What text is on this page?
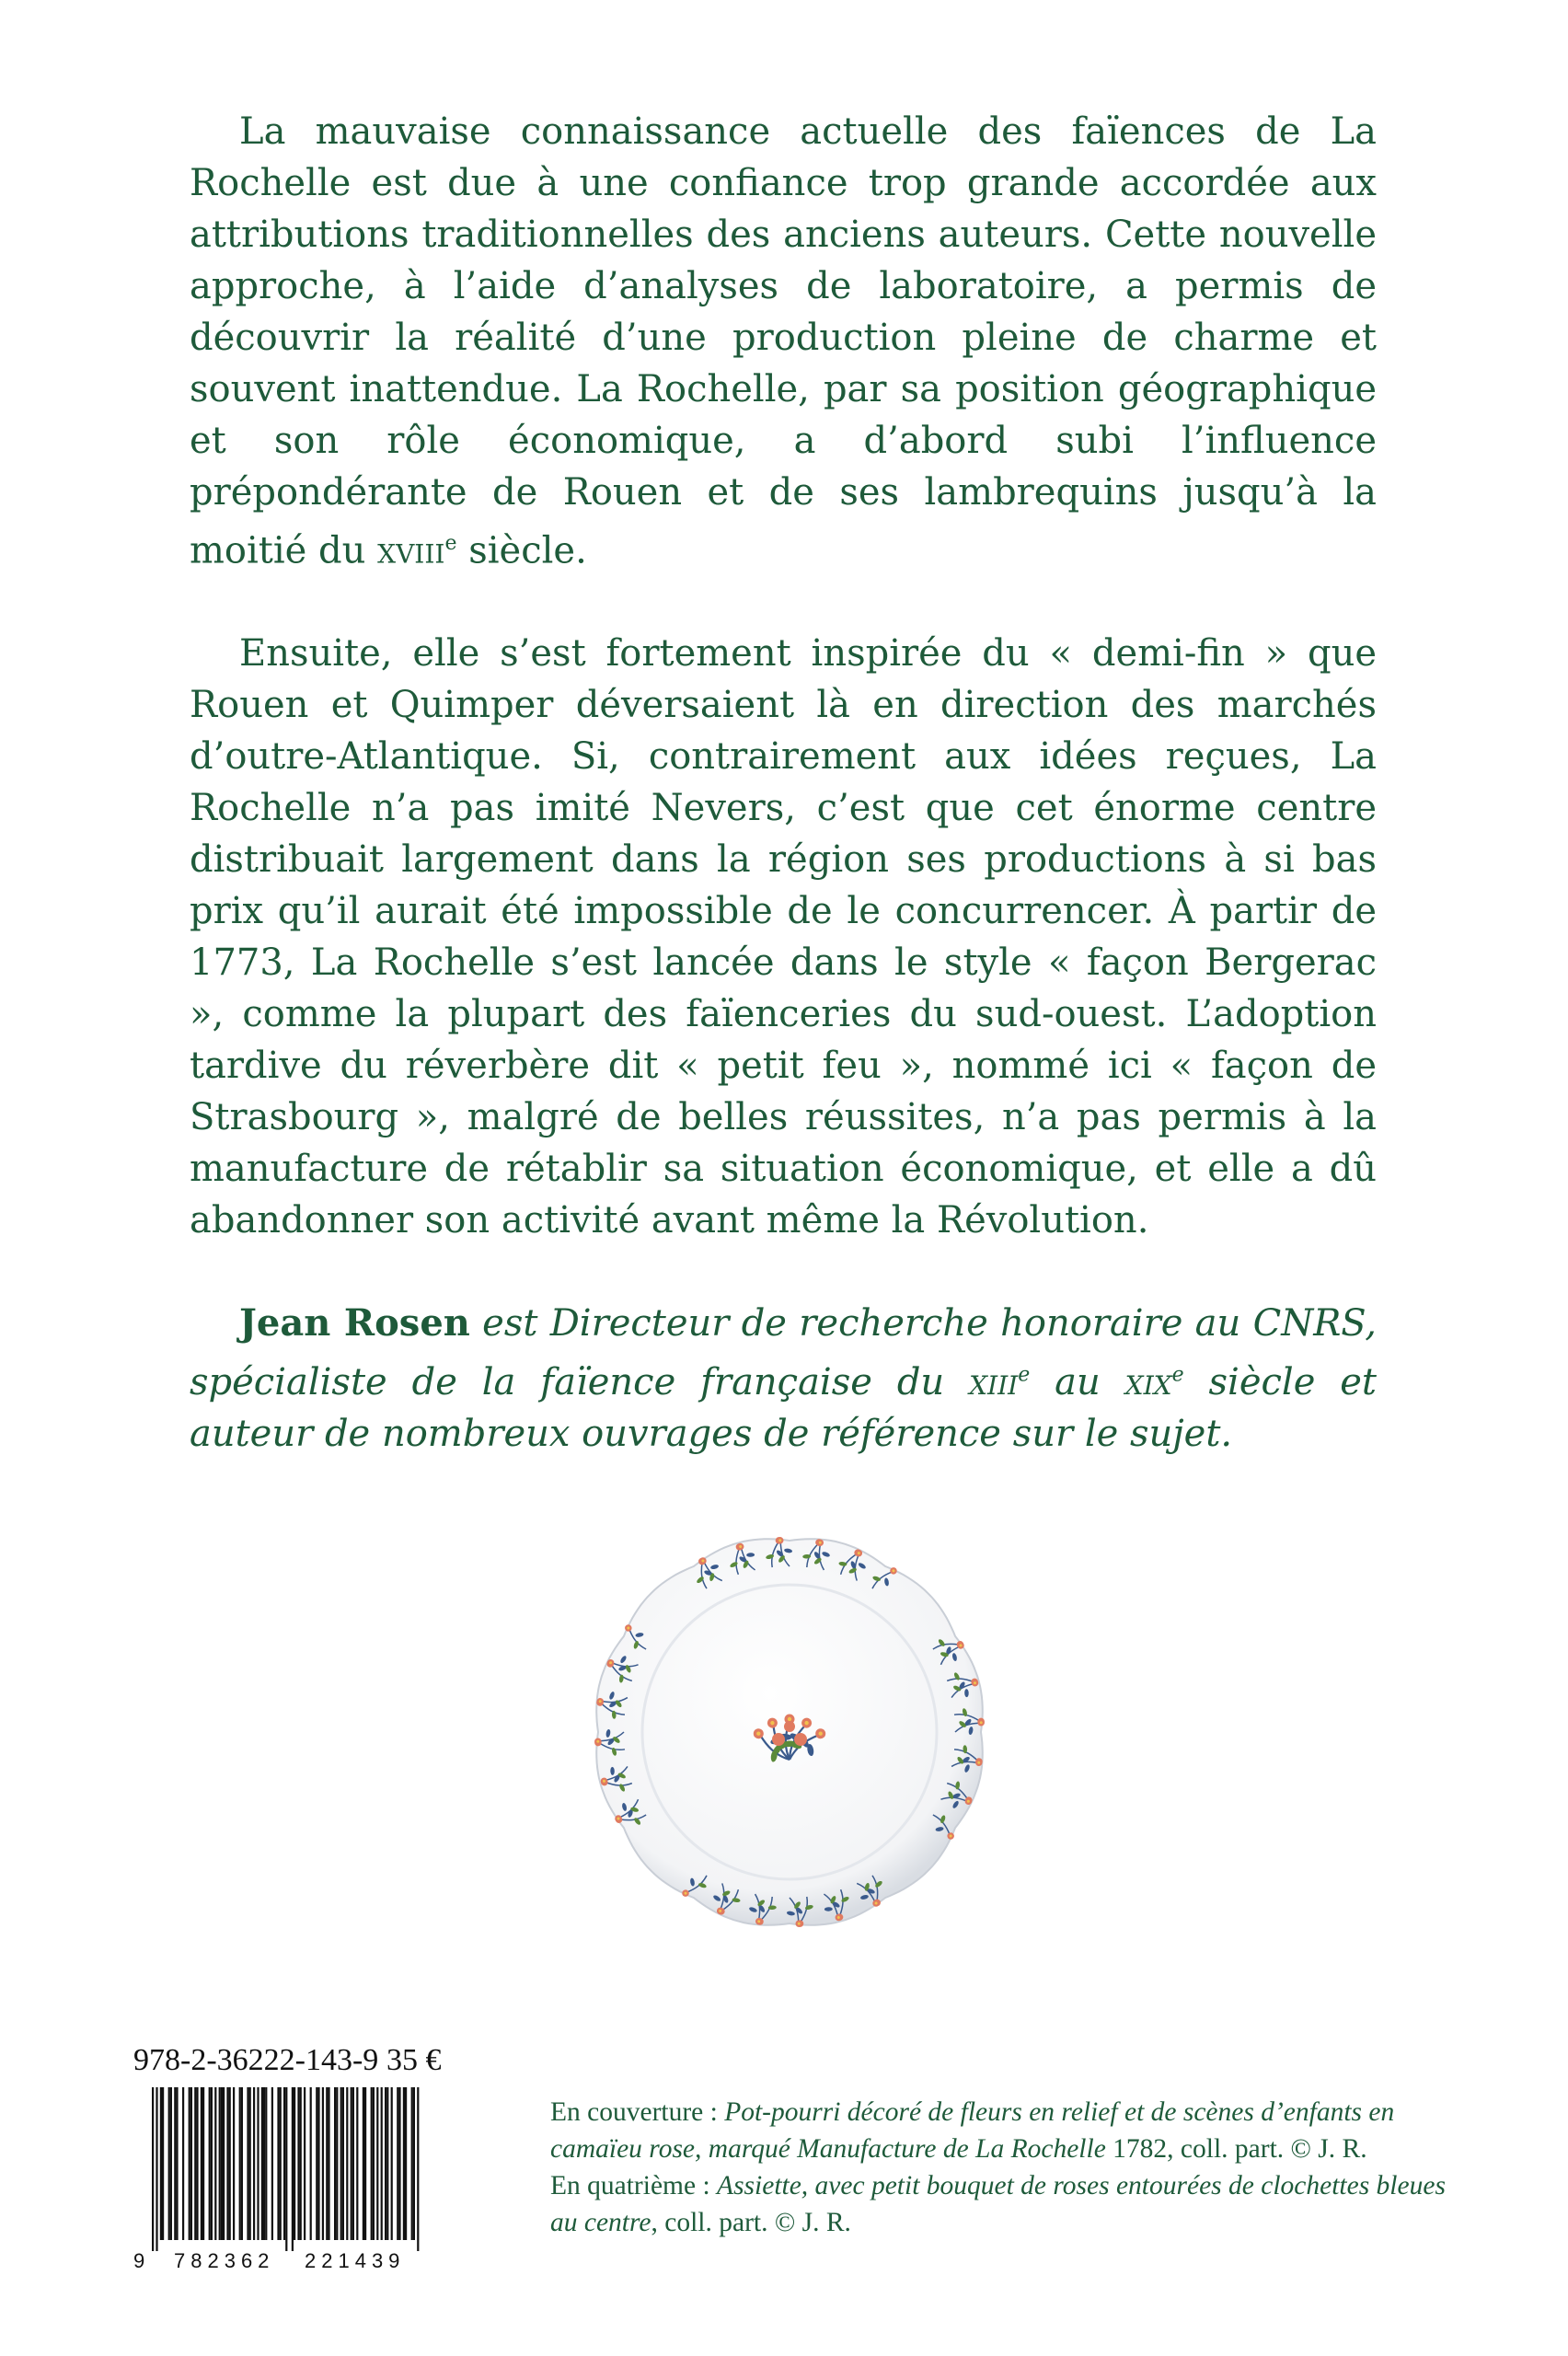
La mauvaise connaissance actuelle des faïences de La Rochelle est due à une confiance trop grande accordée aux attributions traditionnelles des anciens auteurs. Cette nouvelle approche, à l’aide d’analyses de laboratoire, a permis de découvrir la réalité d’une production pleine de charme et souvent inattendue. La Rochelle, par sa position géographique et son rôle économique, a d’abord subi l’influence prépondérante de Rouen et de ses lambrequins jusqu’à la moitié du xviii$^e$ siècle.

Ensuite, elle s’est fortement inspirée du « demi-fin » que Rouen et Quimper déversaient là en direction des marchés d’outre-Atlantique. Si, contrairement aux idées reçues, La Rochelle n’a pas imité Nevers, c’est que cet énorme centre distribuait largement dans la région ses productions à si bas prix qu’il aurait été impossible de le concurrencer. À partir de 1773, La Rochelle s’est lancée dans le style « façon Bergerac », comme la plupart des faïenceries du sud-ouest. L’adoption tardive du réverbère dit « petit feu », nommé ici « façon de Strasbourg », malgré de belles réussites, n’a pas permis à la manufacture de rétablir sa situation économique, et elle a dû abandonner son activité avant même la Révolution.

Jean Rosen est Directeur de recherche honoraire au CNRS, spécialiste de la faïence française du xiii$^e$ au xix$^e$ siècle et auteur de nombreux ouvrages de référence sur le sujet.

978-2-36222-143-9 35 €
9 782362 221439
En couverture : Pot-pourri décoré de fleurs en relief et de scènes d’enfants en camaïeu rose, marqué Manufacture de La Rochelle 1782, coll. part. © J. R.
En quatrième : Assiette, avec petit bouquet de roses entourées de clochettes bleues au centre, coll. part. © J. R.
